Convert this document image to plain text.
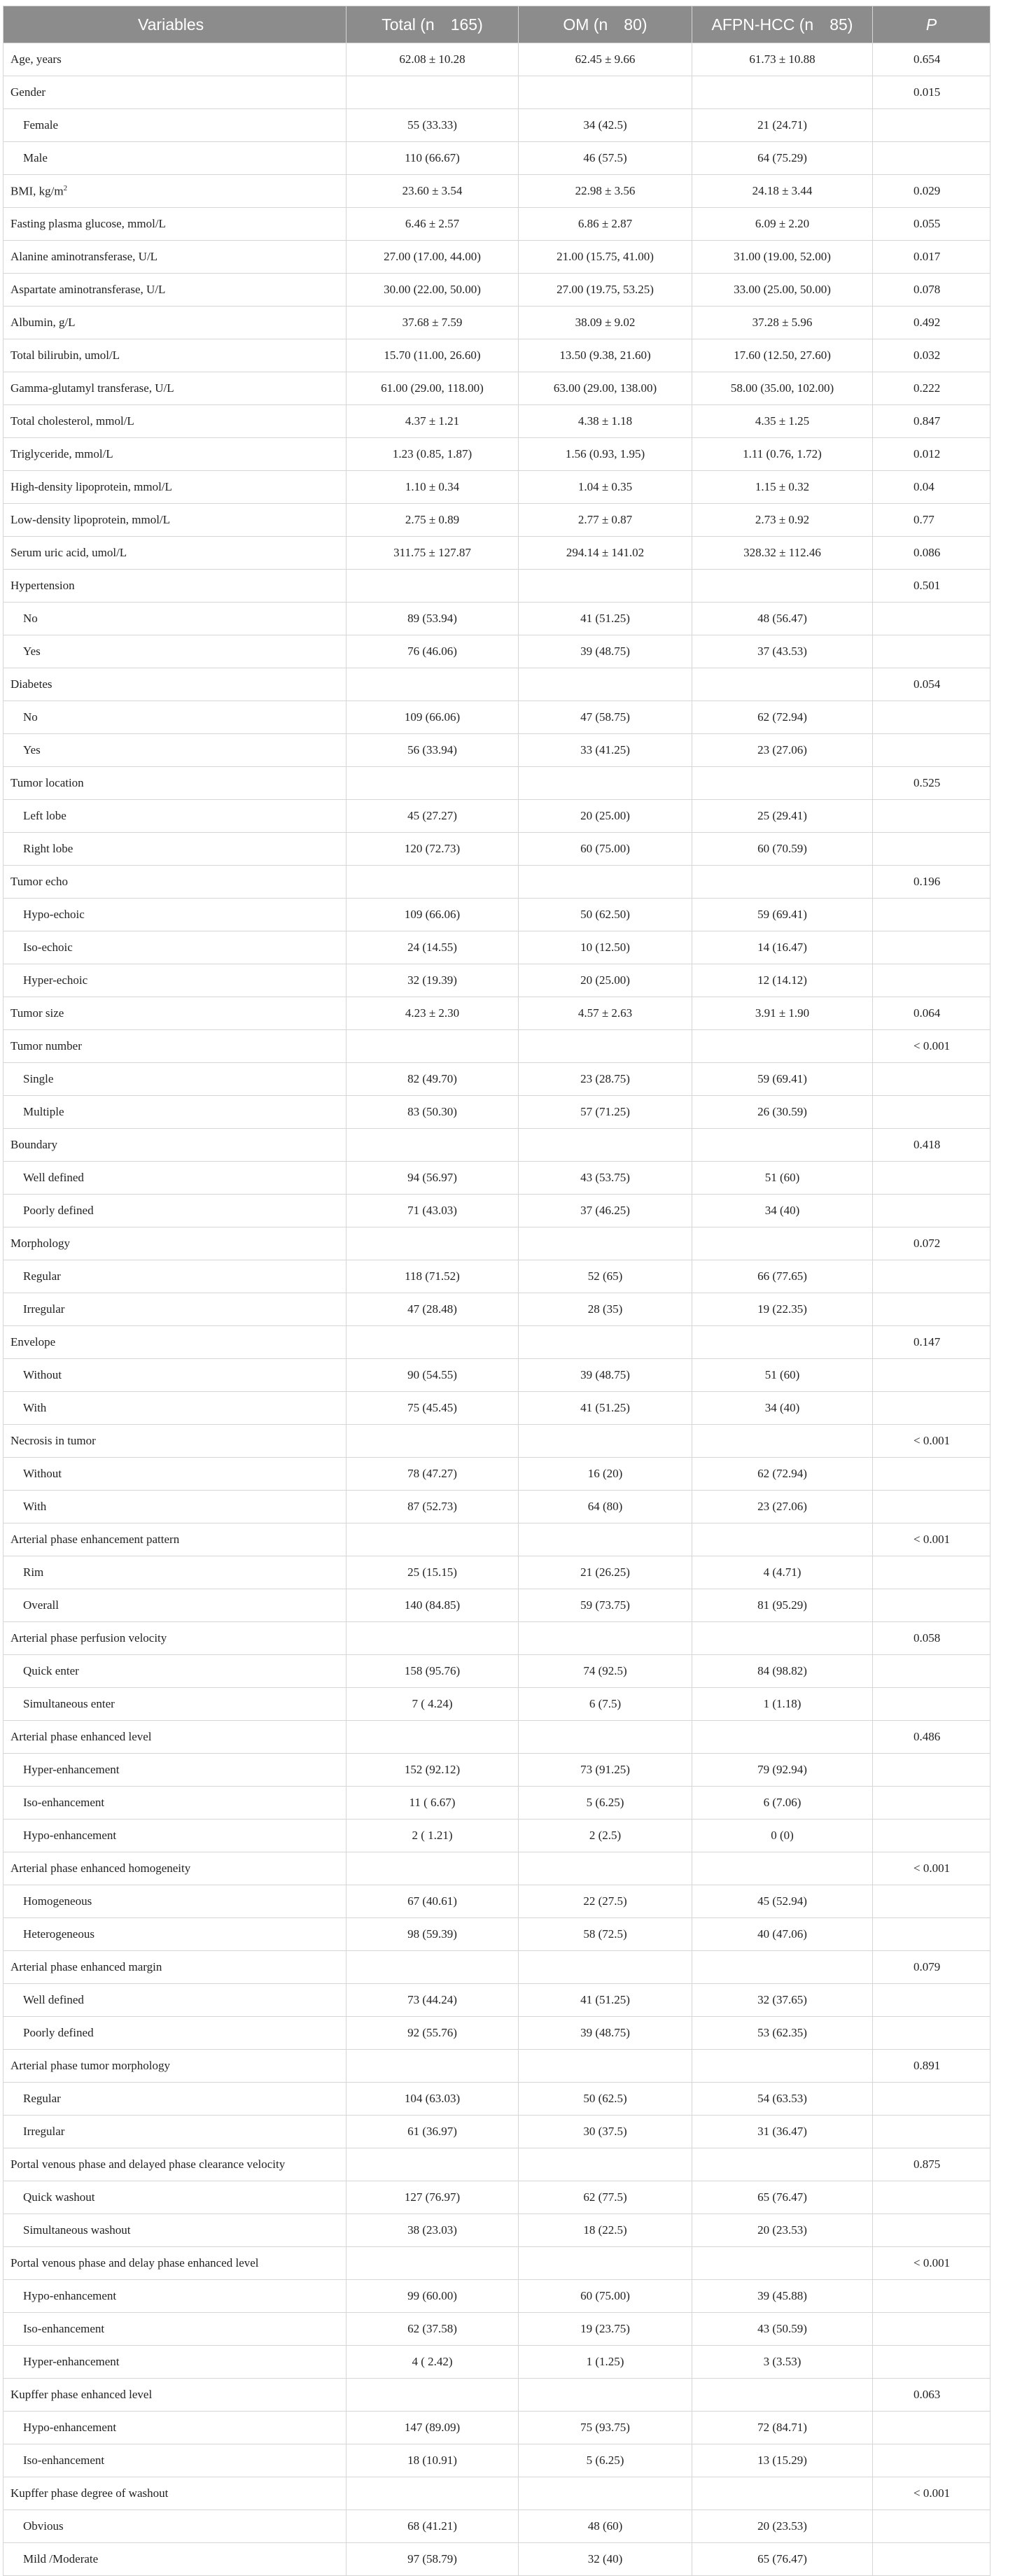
Variables	Total (n  165)	OM (n  80)	AFPN-HCC (n  85)	P
Age, years	62.08 ± 10.28	62.45 ± 9.66	61.73 ± 10.88	0.654
Gender				0.015
Female	55 (33.33)	34 (42.5)	21 (24.71)	
Male	110 (66.67)	46 (57.5)	64 (75.29)	
BMI, $kg/m^2$	23.60 ± 3.54	22.98 ± 3.56	24.18 ± 3.44	0.029
Fasting plasma glucose, mmol/L	6.46 ± 2.57	6.86 ± 2.87	6.09 ± 2.20	0.055
Alanine aminotransferase, U/L	27.00 (17.00, 44.00)	21.00 (15.75, 41.00)	31.00 (19.00, 52.00)	0.017
Aspartate aminotransferase, U/L	30.00 (22.00, 50.00)	27.00 (19.75, 53.25)	33.00 (25.00, 50.00)	0.078
Albumin, g/L	37.68 ± 7.59	38.09 ± 9.02	37.28 ± 5.96	0.492
Total bilirubin, umol/L	15.70 (11.00, 26.60)	13.50 (9.38, 21.60)	17.60 (12.50, 27.60)	0.032
Gamma-glutamyl transferase, U/L	61.00 (29.00, 118.00)	63.00 (29.00, 138.00)	58.00 (35.00, 102.00)	0.222
Total cholesterol, mmol/L	4.37 ± 1.21	4.38 ± 1.18	4.35 ± 1.25	0.847
Triglyceride, mmol/L	1.23 (0.85, 1.87)	1.56 (0.93, 1.95)	1.11 (0.76, 1.72)	0.012
High-density lipoprotein, mmol/L	1.10 ± 0.34	1.04 ± 0.35	1.15 ± 0.32	0.04
Low-density lipoprotein, mmol/L	2.75 ± 0.89	2.77 ± 0.87	2.73 ± 0.92	0.77
Serum uric acid, umol/L	311.75 ± 127.87	294.14 ± 141.02	328.32 ± 112.46	0.086
Hypertension				0.501
No	89 (53.94)	41 (51.25)	48 (56.47)	
Yes	76 (46.06)	39 (48.75)	37 (43.53)	
Diabetes				0.054
No	109 (66.06)	47 (58.75)	62 (72.94)	
Yes	56 (33.94)	33 (41.25)	23 (27.06)	
Tumor location				0.525
Left lobe	45 (27.27)	20 (25.00)	25 (29.41)	
Right lobe	120 (72.73)	60 (75.00)	60 (70.59)	
Tumor echo				0.196
Hypo-echoic	109 (66.06)	50 (62.50)	59 (69.41)	
Iso-echoic	24 (14.55)	10 (12.50)	14 (16.47)	
Hyper-echoic	32 (19.39)	20 (25.00)	12 (14.12)	
Tumor size	4.23 ± 2.30	4.57 ± 2.63	3.91 ± 1.90	0.064
Tumor number				< 0.001
Single	82 (49.70)	23 (28.75)	59 (69.41)	
Multiple	83 (50.30)	57 (71.25)	26 (30.59)	
Boundary				0.418
Well defined	94 (56.97)	43 (53.75)	51 (60)	
Poorly defined	71 (43.03)	37 (46.25)	34 (40)	
Morphology				0.072
Regular	118 (71.52)	52 (65)	66 (77.65)	
Irregular	47 (28.48)	28 (35)	19 (22.35)	
Envelope				0.147
Without	90 (54.55)	39 (48.75)	51 (60)	
With	75 (45.45)	41 (51.25)	34 (40)	
Necrosis in tumor				< 0.001
Without	78 (47.27)	16 (20)	62 (72.94)	
With	87 (52.73)	64 (80)	23 (27.06)	
Arterial phase enhancement pattern				< 0.001
Rim	25 (15.15)	21 (26.25)	4 (4.71)	
Overall	140 (84.85)	59 (73.75)	81 (95.29)	
Arterial phase perfusion velocity				0.058
Quick enter	158 (95.76)	74 (92.5)	84 (98.82)	
Simultaneous enter	7 ( 4.24)	6 (7.5)	1 (1.18)	
Arterial phase enhanced level				0.486
Hyper-enhancement	152 (92.12)	73 (91.25)	79 (92.94)	
Iso-enhancement	11 ( 6.67)	5 (6.25)	6 (7.06)	
Hypo-enhancement	2 ( 1.21)	2 (2.5)	0 (0)	
Arterial phase enhanced homogeneity				< 0.001
Homogeneous	67 (40.61)	22 (27.5)	45 (52.94)	
Heterogeneous	98 (59.39)	58 (72.5)	40 (47.06)	
Arterial phase enhanced margin				0.079
Well defined	73 (44.24)	41 (51.25)	32 (37.65)	
Poorly defined	92 (55.76)	39 (48.75)	53 (62.35)	
Arterial phase tumor morphology				0.891
Regular	104 (63.03)	50 (62.5)	54 (63.53)	
Irregular	61 (36.97)	30 (37.5)	31 (36.47)	
Portal venous phase and delayed phase clearance velocity				0.875
Quick washout	127 (76.97)	62 (77.5)	65 (76.47)	
Simultaneous washout	38 (23.03)	18 (22.5)	20 (23.53)	
Portal venous phase and delay phase enhanced level				< 0.001
Hypo-enhancement	99 (60.00)	60 (75.00)	39 (45.88)	
Iso-enhancement	62 (37.58)	19 (23.75)	43 (50.59)	
Hyper-enhancement	4 ( 2.42)	1 (1.25)	3 (3.53)	
Kupffer phase enhanced level				0.063
Hypo-enhancement	147 (89.09)	75 (93.75)	72 (84.71)	
Iso-enhancement	18 (10.91)	5 (6.25)	13 (15.29)	
Kupffer phase degree of washout				< 0.001
Obvious	68 (41.21)	48 (60)	20 (23.53)	
Mild /Moderate	97 (58.79)	32 (40)	65 (76.47)	
